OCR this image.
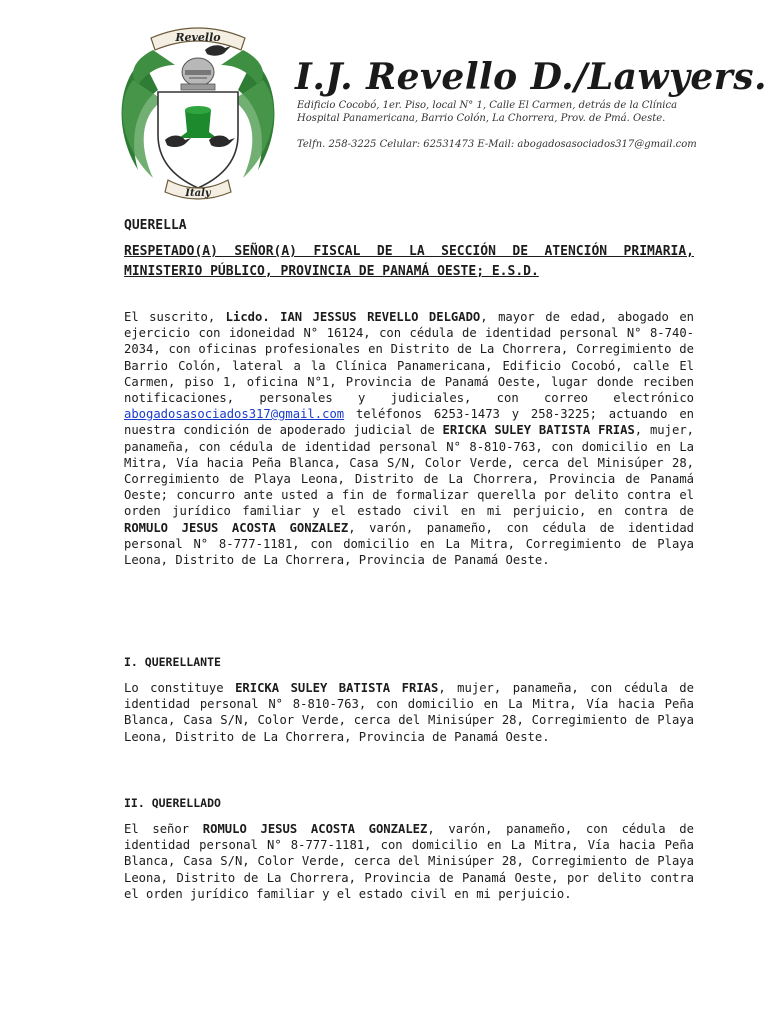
Revello
Italy
I.J. Revello D./Lawyers.
Edificio Cocobó, 1er. Piso, local N° 1, Calle El Carmen, detrás de la Clínica
Hospital Panamericana, Barrio Colón, La Chorrera, Prov. de Pmá. Oeste.
Telfn. 258-3225 Celular: 62531473 E-Mail: abogadosasociados317@gmail.com
QUERELLA
RESPETADO(A) SEÑOR(A) FISCAL DE LA SECCIÓN DE ATENCIÓN PRIMARIA, MINISTERIO PÚBLICO, PROVINCIA DE PANAMÁ OESTE; E.S.D.
El suscrito, Licdo. IAN JESSUS REVELLO DELGADO, mayor de edad, abogado en ejercicio con idoneidad N° 16124, con cédula de identidad personal N° 8-740-2034, con oficinas profesionales en Distrito de La Chorrera, Corregimiento de Barrio Colón, lateral a la Clínica Panamericana, Edificio Cocobó, calle El Carmen, piso 1, oficina N°1, Provincia de Panamá Oeste, lugar donde reciben notificaciones, personales y judiciales, con correo electrónico abogadosasociados317@gmail.com teléfonos 6253-1473 y 258-3225; actuando en nuestra condición de apoderado judicial de ERICKA SULEY BATISTA FRIAS, mujer, panameña, con cédula de identidad personal N° 8-810-763, con domicilio en La Mitra, Vía hacia Peña Blanca, Casa S/N, Color Verde, cerca del Minisúper 28, Corregimiento de Playa Leona, Distrito de La Chorrera, Provincia de Panamá Oeste; concurro ante usted a fin de formalizar querella por delito contra el orden jurídico familiar y el estado civil en mi perjuicio, en contra de ROMULO JESUS ACOSTA GONZALEZ, varón, panameño, con cédula de identidad personal N° 8-777-1181, con domicilio en La Mitra, Corregimiento de Playa Leona, Distrito de La Chorrera, Provincia de Panamá Oeste.
I. QUERELLANTE
Lo constituye ERICKA SULEY BATISTA FRIAS, mujer, panameña, con cédula de identidad personal N° 8-810-763, con domicilio en La Mitra, Vía hacia Peña Blanca, Casa S/N, Color Verde, cerca del Minisúper 28, Corregimiento de Playa Leona, Distrito de La Chorrera, Provincia de Panamá Oeste.
II. QUERELLADO
El señor ROMULO JESUS ACOSTA GONZALEZ, varón, panameño, con cédula de identidad personal N° 8-777-1181, con domicilio en La Mitra, Vía hacia Peña Blanca, Casa S/N, Color Verde, cerca del Minisúper 28, Corregimiento de Playa Leona, Distrito de La Chorrera, Provincia de Panamá Oeste, por delito contra el orden jurídico familiar y el estado civil en mi perjuicio.
